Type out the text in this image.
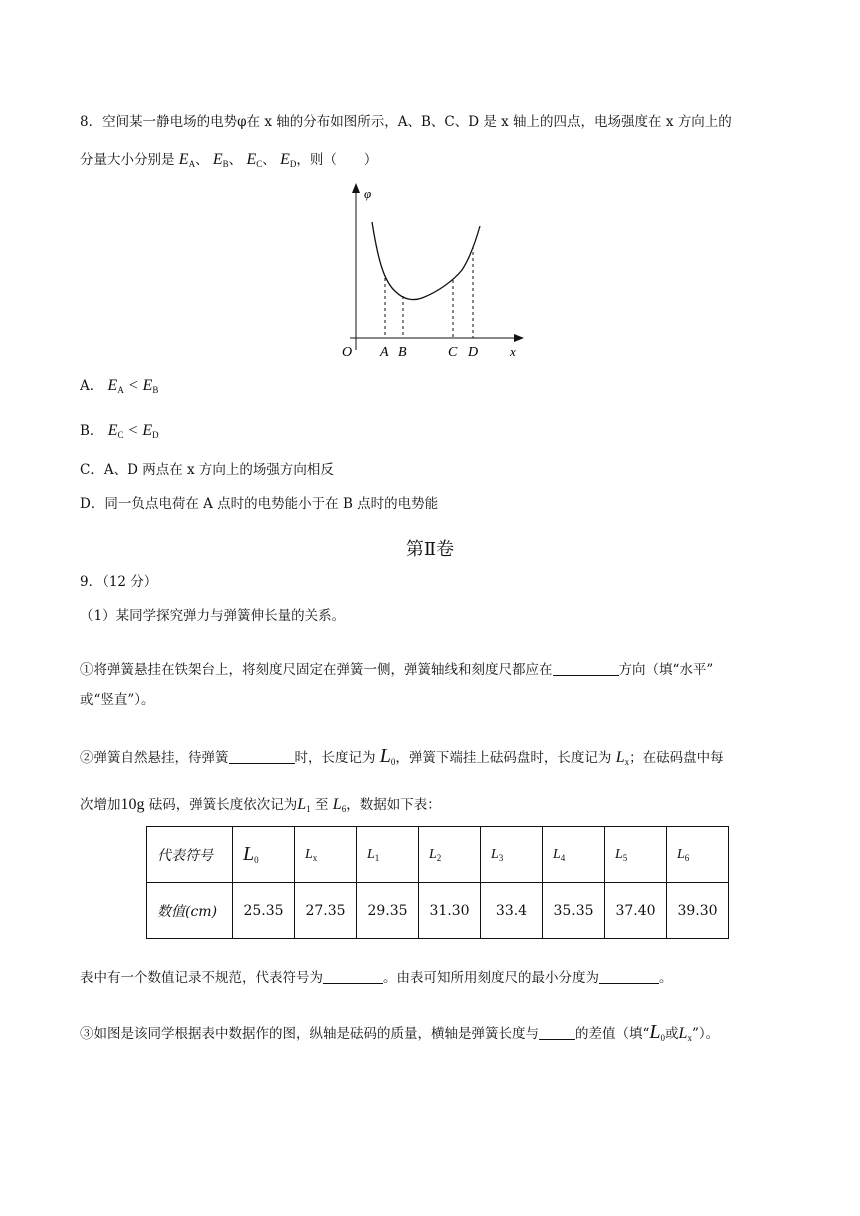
8．空间某一静电场的电势φ在 x 轴的分布如图所示，A、B、C、D 是 x 轴上的四点，电场强度在 x 方向上的
分量大小分别是 $E_A$、 $E_B$、 $E_C$、 $E_D$，则（　　）
φ
x
O A B	C D
A． $E_A < E_B$
B． $E_C < E_D$
C．A、D 两点在 x 方向上的场强方向相反
D．同一负点电荷在 A 点时的电势能小于在 B 点时的电势能
第Ⅱ卷
9．（12 分）
（1）某同学探究弹力与弹簧伸长量的关系。
①将弹簧悬挂在铁架台上，将刻度尺固定在弹簧一侧，弹簧轴线和刻度尺都应在	方向（填“水平”
或“竖直”）。
②弹簧自然悬挂，待弹簧	时，长度记为 $L_0$，弹簧下端挂上砝码盘时，长度记为 $L_x$；在砝码盘中每
次增加10g 砝码，弹簧长度依次记为$L_1$ 至 $L_6$，数据如下表：
代表符号	$L_0$	$L_x$	$L_1$	$L_2$	$L_3$	$L_4$	$L_5$	$L_6$
数值(cm)	25.35	27.35	29.35	31.30	33.4	35.35	37.40	39.30
表中有一个数值记录不规范，代表符号为	。由表可知所用刻度尺的最小分度为	。
③如图是该同学根据表中数据作的图，纵轴是砝码的质量，横轴是弹簧长度与	的差值（填“$L_0$或$L_x$”）。
